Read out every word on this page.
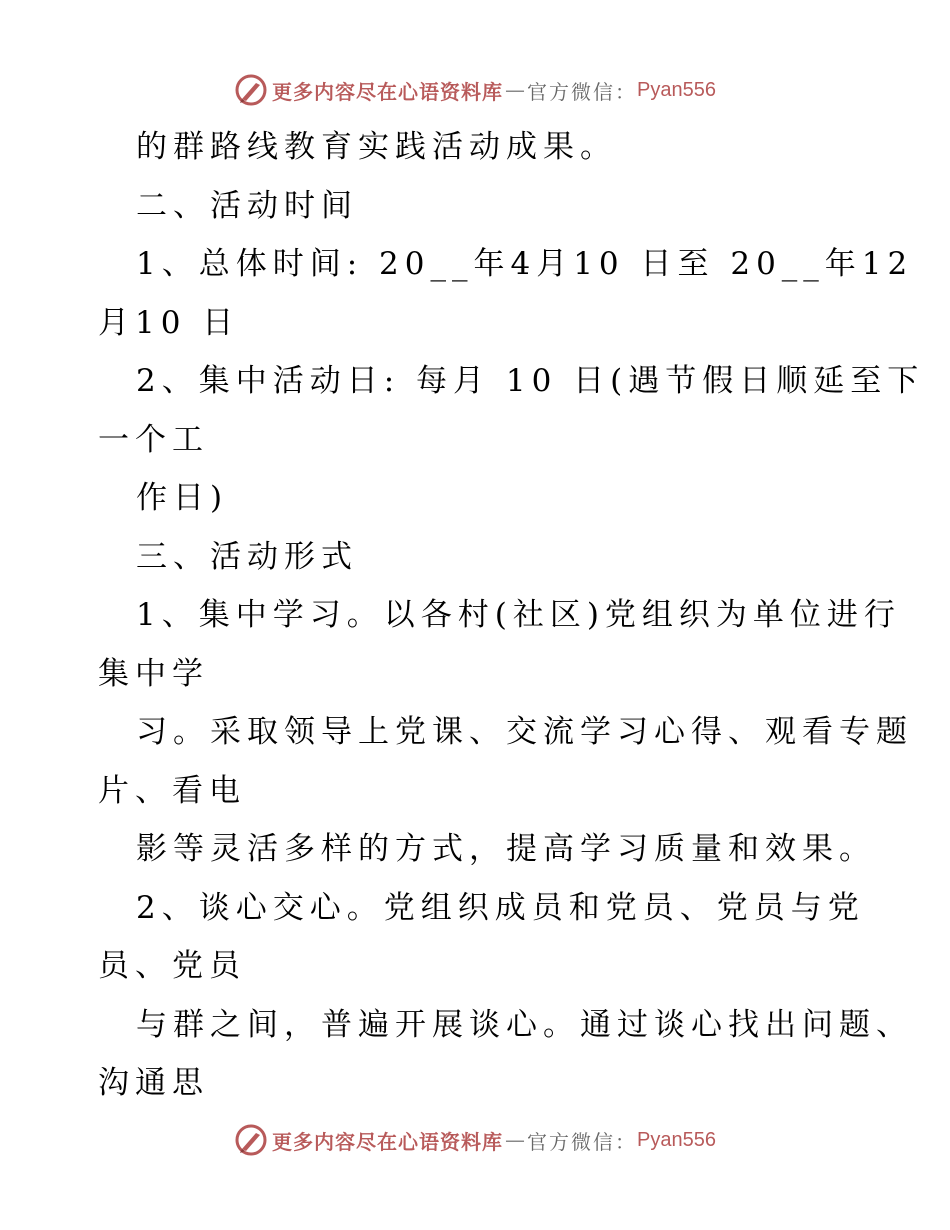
更多内容尽在心语资料库 — 官方微信： Pyan556
的群路线教育实践活动成果。
二、活动时间
1、总体时间: 20__年4月10 日至 20__年12
月10 日
2、集中活动日: 每月 10 日(遇节假日顺延至下
一个工
作日)
三、活动形式
1、集中学习。以各村(社区)党组织为单位进行
集中学
习。采取领导上党课、交流学习心得、观看专题
片、看电
影等灵活多样的方式，提高学习质量和效果。
2、谈心交心。党组织成员和党员、党员与党
员、党员
与群之间，普遍开展谈心。通过谈心找出问题、
沟通思
更多内容尽在心语资料库 — 官方微信： Pyan556
